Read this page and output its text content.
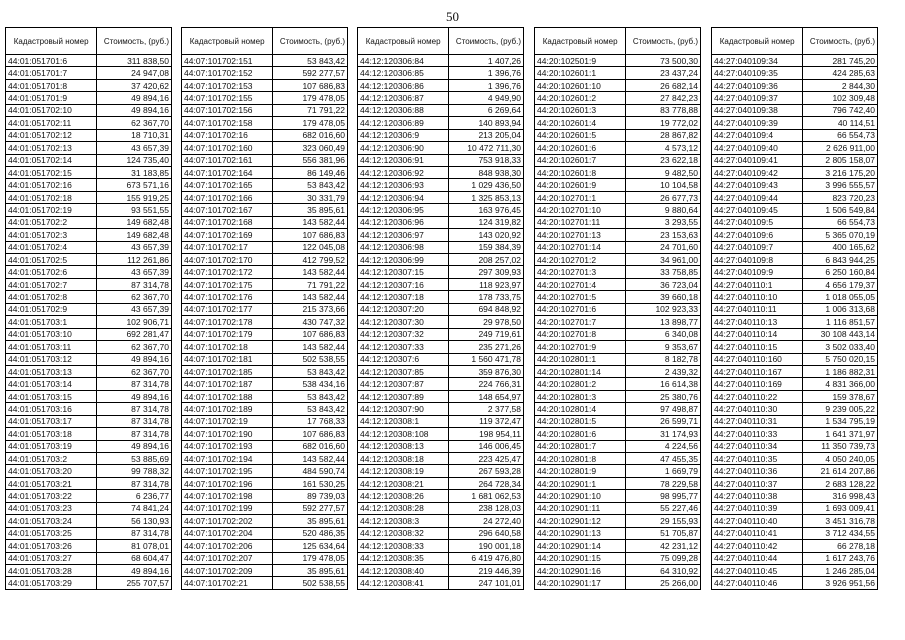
50
Кадастровый номер	Стоимость, (руб.)
44:01:051701:6	311 838,50
44:01:051701:7	24 947,08
44:01:051701:8	37 420,62
44:01:051701:9	49 894,16
44:01:051702:10	49 894,16
44:01:051702:11	62 367,70
44:01:051702:12	18 710,31
44:01:051702:13	43 657,39
44:01:051702:14	124 735,40
44:01:051702:15	31 183,85
44:01:051702:16	673 571,16
44:01:051702:18	155 919,25
44:01:051702:19	93 551,55
44:01:051702:2	149 682,48
44:01:051702:3	149 682,48
44:01:051702:4	43 657,39
44:01:051702:5	112 261,86
44:01:051702:6	43 657,39
44:01:051702:7	87 314,78
44:01:051702:8	62 367,70
44:01:051702:9	43 657,39
44:01:051703:1	102 906,71
44:01:051703:10	692 281,47
44:01:051703:11	62 367,70
44:01:051703:12	49 894,16
44:01:051703:13	62 367,70
44:01:051703:14	87 314,78
44:01:051703:15	49 894,16
44:01:051703:16	87 314,78
44:01:051703:17	87 314,78
44:01:051703:18	87 314,78
44:01:051703:19	49 894,16
44:01:051703:2	53 885,69
44:01:051703:20	99 788,32
44:01:051703:21	87 314,78
44:01:051703:22	6 236,77
44:01:051703:23	74 841,24
44:01:051703:24	56 130,93
44:01:051703:25	87 314,78
44:01:051703:26	81 078,01
44:01:051703:27	68 604,47
44:01:051703:28	49 894,16
44:01:051703:29	255 707,57
Кадастровый номер	Стоимость, (руб.)
44:07:101702:151	53 843,42
44:07:101702:152	592 277,57
44:07:101702:153	107 686,83
44:07:101702:155	179 478,05
44:07:101702:156	71 791,22
44:07:101702:158	179 478,05
44:07:101702:16	682 016,60
44:07:101702:160	323 060,49
44:07:101702:161	556 381,96
44:07:101702:164	86 149,46
44:07:101702:165	53 843,42
44:07:101702:166	30 331,79
44:07:101702:167	35 895,61
44:07:101702:168	143 582,44
44:07:101702:169	107 686,83
44:07:101702:17	122 045,08
44:07:101702:170	412 799,52
44:07:101702:172	143 582,44
44:07:101702:175	71 791,22
44:07:101702:176	143 582,44
44:07:101702:177	215 373,66
44:07:101702:178	430 747,32
44:07:101702:179	107 686,83
44:07:101702:18	143 582,44
44:07:101702:181	502 538,55
44:07:101702:185	53 843,42
44:07:101702:187	538 434,16
44:07:101702:188	53 843,42
44:07:101702:189	53 843,42
44:07:101702:19	17 768,33
44:07:101702:190	107 686,83
44:07:101702:193	682 016,60
44:07:101702:194	143 582,44
44:07:101702:195	484 590,74
44:07:101702:196	161 530,25
44:07:101702:198	89 739,03
44:07:101702:199	592 277,57
44:07:101702:202	35 895,61
44:07:101702:204	520 486,35
44:07:101702:206	125 634,64
44:07:101702:207	179 478,05
44:07:101702:209	35 895,61
44:07:101702:21	502 538,55
Кадастровый номер	Стоимость, (руб.)
44:12:120306:84	1 407,26
44:12:120306:85	1 396,76
44:12:120306:86	1 396,76
44:12:120306:87	4 949,90
44:12:120306:88	6 269,64
44:12:120306:89	140 893,94
44:12:120306:9	213 205,04
44:12:120306:90	10 472 711,30
44:12:120306:91	753 918,33
44:12:120306:92	848 938,30
44:12:120306:93	1 029 436,50
44:12:120306:94	1 325 853,13
44:12:120306:95	163 976,45
44:12:120306:96	124 319,82
44:12:120306:97	143 020,92
44:12:120306:98	159 384,39
44:12:120306:99	208 257,02
44:12:120307:15	297 309,93
44:12:120307:16	118 923,97
44:12:120307:18	178 733,75
44:12:120307:20	694 848,92
44:12:120307:30	29 978,50
44:12:120307:32	249 719,61
44:12:120307:33	235 271,26
44:12:120307:6	1 560 471,78
44:12:120307:85	359 876,30
44:12:120307:87	224 766,31
44:12:120307:89	148 654,97
44:12:120307:90	2 377,58
44:12:120308:1	119 372,47
44:12:120308:108	198 954,11
44:12:120308:13	146 006,45
44:12:120308:18	223 425,47
44:12:120308:19	267 593,28
44:12:120308:21	264 728,34
44:12:120308:26	1 681 062,53
44:12:120308:28	238 128,03
44:12:120308:3	24 272,40
44:12:120308:32	296 640,58
44:12:120308:33	190 001,18
44:12:120308:35	6 419 476,80
44:12:120308:40	219 446,39
44:12:120308:41	247 101,01
Кадастровый номер	Стоимость, (руб.)
44:20:102501:9	73 500,30
44:20:102601:1	23 437,24
44:20:102601:10	26 682,14
44:20:102601:2	27 842,23
44:20:102601:3	83 778,88
44:20:102601:4	19 772,02
44:20:102601:5	28 867,82
44:20:102601:6	4 573,12
44:20:102601:7	23 622,18
44:20:102601:8	9 482,50
44:20:102601:9	10 104,58
44:20:102701:1	26 677,73
44:20:102701:10	9 880,64
44:20:102701:11	3 293,55
44:20:102701:13	23 153,63
44:20:102701:14	24 701,60
44:20:102701:2	34 961,00
44:20:102701:3	33 758,85
44:20:102701:4	36 723,04
44:20:102701:5	39 660,18
44:20:102701:6	102 923,33
44:20:102701:7	13 898,77
44:20:102701:8	6 340,08
44:20:102701:9	9 353,67
44:20:102801:1	8 182,78
44:20:102801:14	2 439,32
44:20:102801:2	16 614,38
44:20:102801:3	25 380,76
44:20:102801:4	97 498,87
44:20:102801:5	26 599,71
44:20:102801:6	31 174,93
44:20:102801:7	4 224,56
44:20:102801:8	47 455,35
44:20:102801:9	1 669,79
44:20:102901:1	78 229,58
44:20:102901:10	98 995,77
44:20:102901:11	55 227,46
44:20:102901:12	29 155,93
44:20:102901:13	51 705,87
44:20:102901:14	42 231,12
44:20:102901:15	75 099,28
44:20:102901:16	64 310,92
44:20:102901:17	25 266,00
Кадастровый номер	Стоимость, (руб.)
44:27:040109:34	281 745,20
44:27:040109:35	424 285,63
44:27:040109:36	2 844,30
44:27:040109:37	102 309,48
44:27:040109:38	796 742,40
44:27:040109:39	40 114,51
44:27:040109:4	66 554,73
44:27:040109:40	2 626 911,00
44:27:040109:41	2 805 158,07
44:27:040109:42	3 216 175,20
44:27:040109:43	3 996 555,57
44:27:040109:44	823 720,23
44:27:040109:45	1 506 549,84
44:27:040109:5	66 554,73
44:27:040109:6	5 365 070,19
44:27:040109:7	400 165,62
44:27:040109:8	6 843 944,25
44:27:040109:9	6 250 160,84
44:27:040110:1	4 656 179,37
44:27:040110:10	1 018 055,05
44:27:040110:11	1 006 313,68
44:27:040110:13	1 116 851,57
44:27:040110:14	30 108 443,14
44:27:040110:15	3 502 033,40
44:27:040110:160	5 750 020,15
44:27:040110:167	1 186 882,31
44:27:040110:169	4 831 366,00
44:27:040110:22	159 378,67
44:27:040110:30	9 239 005,22
44:27:040110:31	1 534 795,19
44:27:040110:33	1 641 371,97
44:27:040110:34	11 350 739,73
44:27:040110:35	4 050 240,05
44:27:040110:36	21 614 207,86
44:27:040110:37	2 683 128,22
44:27:040110:38	316 998,43
44:27:040110:39	1 693 009,41
44:27:040110:40	3 451 316,78
44:27:040110:41	3 712 434,55
44:27:040110:42	66 278,18
44:27:040110:44	1 617 243,76
44:27:040110:45	1 246 285,04
44:27:040110:46	3 926 951,56
